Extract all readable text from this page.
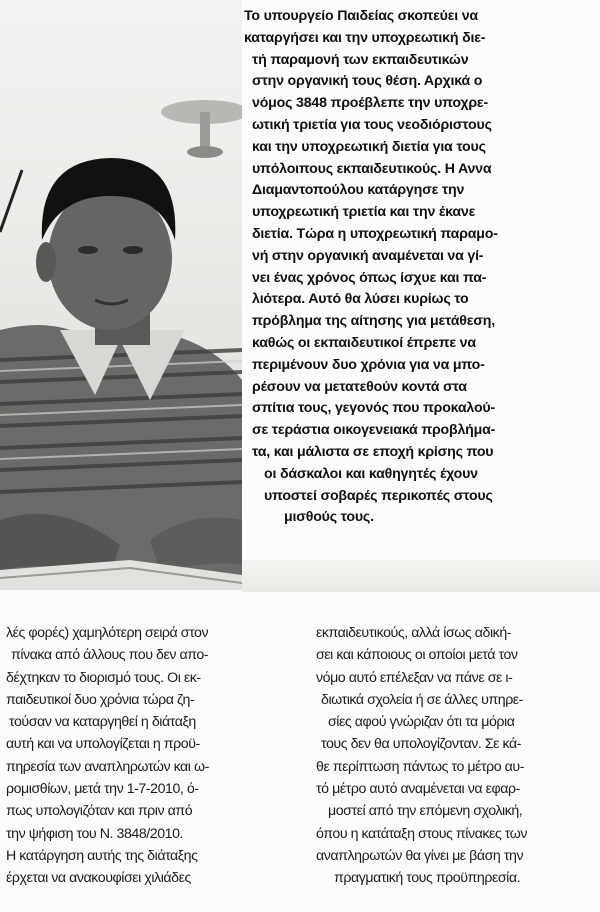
Το υπουργείο Παιδείας σκοπεύει να
καταργήσει και την υποχρεωτική διε-
τή παραμονή των εκπαιδευτικών
στην οργανική τους θέση. Αρχικά ο
νόμος 3848 προέβλεπε την υποχρε-
ωτική τριετία για τους νεοδιόριστους
και την υποχρεωτική διετία για τους
υπόλοιπους εκπαιδευτικούς. Η Αννα
Διαμαντοπούλου κατάργησε την
υποχρεωτική τριετία και την έκανε
διετία. Τώρα η υποχρεωτική παραμο-
νή στην οργανική αναμένεται να γί-
νει ένας χρόνος όπως ίσχυε και πα-
λιότερα. Αυτό θα λύσει κυρίως το
πρόβλημα της αίτησης για μετάθεση,
καθώς οι εκπαιδευτικοί έπρεπε να
περιμένουν δυο χρόνια για να μπο-
ρέσουν να μετατεθούν κοντά στα
σπίτια τους, γεγονός που προκαλού-
σε τεράστια οικογενειακά προβλήμα-
τα, και μάλιστα σε εποχή κρίσης που
οι δάσκαλοι και καθηγητές έχουν
υποστεί σοβαρές περικοπές στους
μισθούς τους.
λές φορές) χαμηλότερη σειρά στον
πίνακα από άλλους που δεν απο-
δέχτηκαν το διορισμό τους. Οι εκ-
παιδευτικοί δυο χρόνια τώρα ζη-
τούσαν να καταργηθεί η διάταξη
αυτή και να υπολογίζεται η προϋ-
πηρεσία των αναπληρωτών και ω-
ρομισθίων, μετά την 1-7-2010, ό-
πως υπολογιζόταν και πριν από
την ψήφιση του Ν. 3848/2010.
Η κατάργηση αυτής της διάταξης
έρχεται να ανακουφίσει χιλιάδες
εκπαιδευτικούς, αλλά ίσως αδική-
σει και κάποιους οι οποίοι μετά τον
νόμο αυτό επέλεξαν να πάνε σε ι-
διωτικά σχολεία ή σε άλλες υπηρε-
σίες αφού γνώριζαν ότι τα μόρια
τους δεν θα υπολογίζονταν. Σε κά-
θε περίπτωση πάντως το μέτρο αυ-
τό μέτρο αυτό αναμένεται να εφαρ-
μοστεί από την επόμενη σχολική,
όπου η κατάταξη στους πίνακες των
αναπληρωτών θα γίνει με βάση την
πραγματική τους προϋπηρεσία.
